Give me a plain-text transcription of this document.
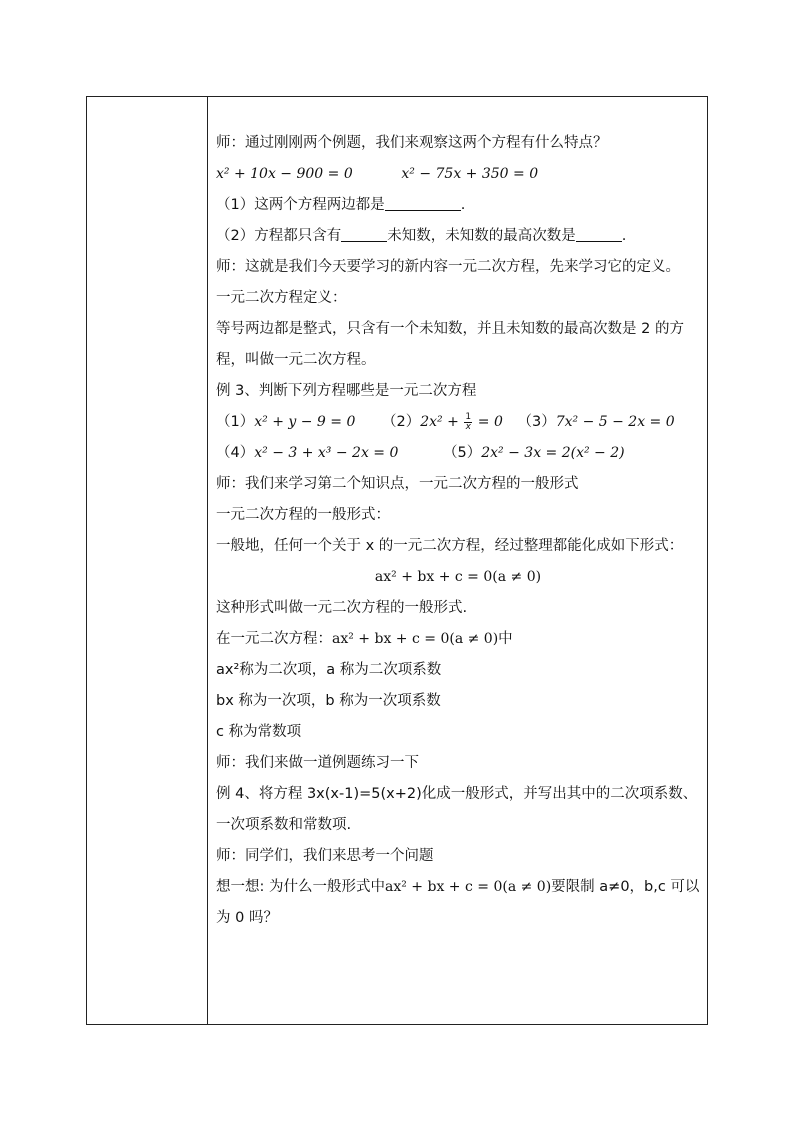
师：通过刚刚两个例题，我们来观察这两个方程有什么特点？

x² + 10x − 900 = 0	x² − 75x + 350 = 0

（1）这两个方程两边都是	.

（2）方程都只含有	未知数，未知数的最高次数是	.

师：这就是我们今天要学习的新内容一元二次方程，先来学习它的定义。

一元二次方程定义：

等号两边都是整式，只含有一个未知数，并且未知数的最高次数是 2 的方程，叫做一元二次方程。

例 3、判断下列方程哪些是一元二次方程

（1）x² + y − 9 = 0 $(2)2x^2 + \frac{1}{x} = 0$ （3）7x² − 5 − 2x = 0

（4）x² − 3 + x³ − 2x = 0	（5）2x² − 3x = 2(x² − 2)

师：我们来学习第二个知识点，一元二次方程的一般形式

一元二次方程的一般形式：

一般地，任何一个关于 x 的一元二次方程，经过整理都能化成如下形式：

ax² + bx + c = 0(a ≠ 0)

这种形式叫做一元二次方程的一般形式.

在一元二次方程：ax² + bx + c = 0(a ≠ 0)中

ax²称为二次项，a 称为二次项系数

bx 称为一次项，b 称为一次项系数

c 称为常数项

师：我们来做一道例题练习一下

例 4、将方程 3x(x-1)=5(x+2)化成一般形式，并写出其中的二次项系数、一次项系数和常数项.

师：同学们，我们来思考一个问题

想一想: 为什么一般形式中ax² + bx + c = 0(a ≠ 0)要限制 a≠0，b,c 可以为 0 吗？
